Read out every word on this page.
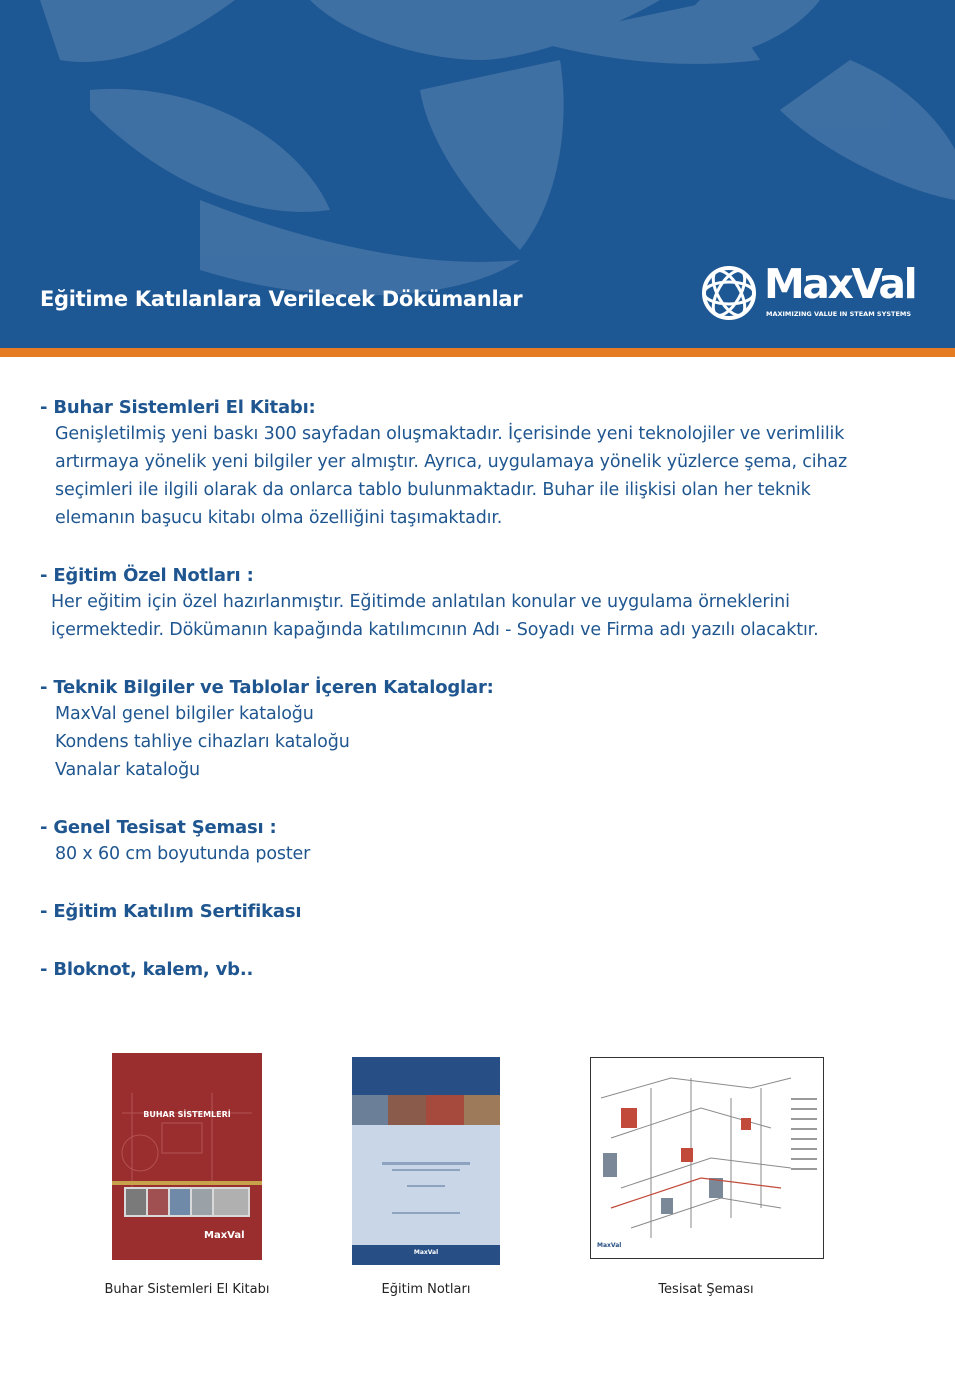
Eğitime Katılanlara Verilecek Dökümanlar	MaxVal
MAXIMIZING VALUE IN STEAM SYSTEMS
- Buhar Sistemleri El Kitabı:
Genişletilmiş yeni baskı 300 sayfadan oluşmaktadır. İçerisinde yeni teknolojiler ve verimlilik
artırmaya yönelik yeni bilgiler yer almıştır. Ayrıca, uygulamaya yönelik yüzlerce şema, cihaz
seçimleri ile ilgili olarak da onlarca tablo bulunmaktadır. Buhar ile ilişkisi olan her teknik
elemanın başucu kitabı olma özelliğini taşımaktadır.
- Eğitim Özel Notları :
Her eğitim için özel hazırlanmıştır. Eğitimde anlatılan konular ve uygulama örneklerini
içermektedir. Dökümanın kapağında katılımcının Adı - Soyadı ve Firma adı yazılı olacaktır.
- Teknik Bilgiler ve Tablolar İçeren Kataloglar:
MaxVal genel bilgiler kataloğu
Kondens tahliye cihazları kataloğu
Vanalar kataloğu
- Genel Tesisat Şeması :
80 x 60 cm boyutunda poster
- Eğitim Katılım Sertifikası
- Bloknot, kalem, vb..
BUHAR SİSTEMLERİ
MaxVal
MaxVal
MaxVal
Buhar Sistemleri El Kitabı	Eğitim Notları	Tesisat Şeması
